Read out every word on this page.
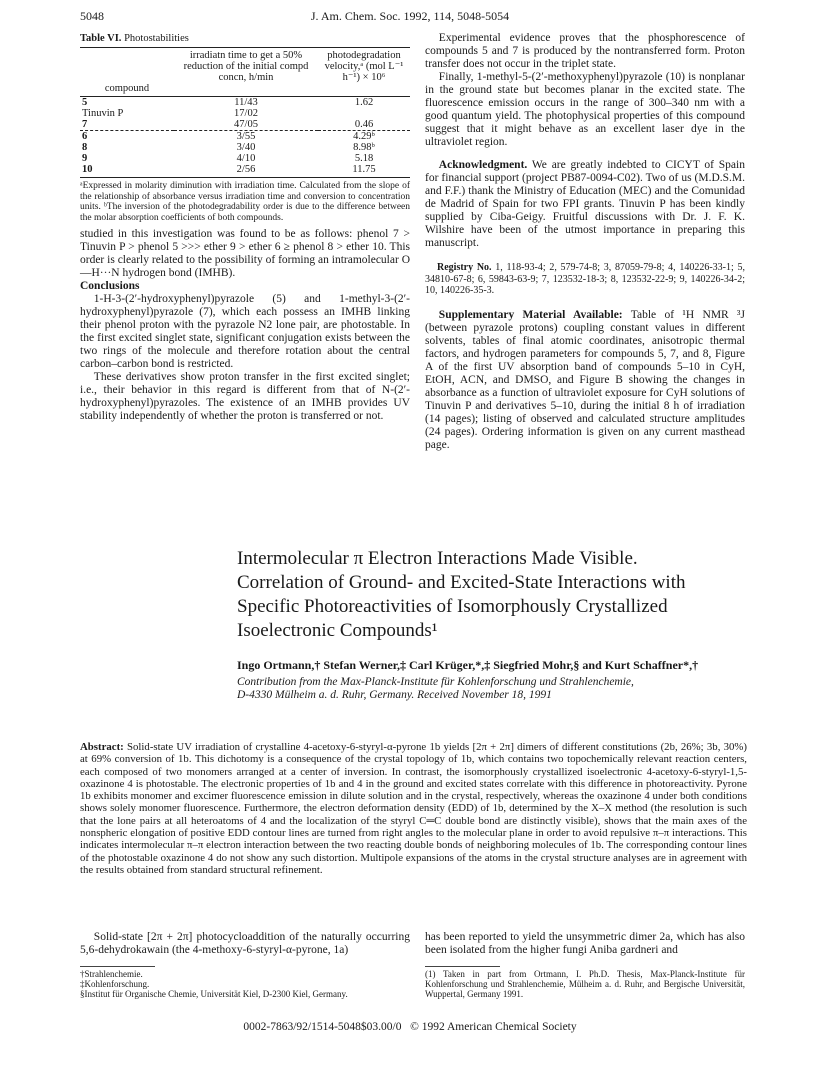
5048	J. Am. Chem. Soc. 1992, 114, 5048-5054
Table VI. Photostabilities
	irradiatn time to get a 50% reduction of the initial compd concn, h/min	photodegradation velocity,ᵃ (mol L⁻¹ h⁻¹) × 10⁶
compound		
5	11/43	1.62
Tinuvin P	17/02	
7	47/05	0.46
6	3/55	4.29ᵇ
8	3/40	8.98ᵇ
9	4/10	5.18
10	2/56	11.75
ᵃExpressed in molarity diminution with irradiation time. Calculated from the slope of the relationship of absorbance versus irradiation time and conversion to concentration units. ᵇThe inversion of the photodegradability order is due to the difference between the molar absorption coefficients of both compounds.

studied in this investigation was found to be as follows: phenol 7 > Tinuvin P > phenol 5 >>> ether 9 > ether 6 ≥ phenol 8 > ether 10. This order is clearly related to the possibility of forming an intramolecular O—H···N hydrogen bond (IMHB).

Conclusions

1-H-3-(2′-hydroxyphenyl)pyrazole (5) and 1-methyl-3-(2′-hydroxyphenyl)pyrazole (7), which each possess an IMHB linking their phenol proton with the pyrazole N2 lone pair, are photostable. In the first excited singlet state, significant conjugation exists between the two rings of the molecule and therefore rotation about the central carbon–carbon bond is restricted.

These derivatives show proton transfer in the first excited singlet; i.e., their behavior in this regard is different from that of N-(2′-hydroxyphenyl)pyrazoles. The existence of an IMHB provides UV stability independently of whether the proton is transferred or not.

Experimental evidence proves that the phosphorescence of compounds 5 and 7 is produced by the nontransferred form. Proton transfer does not occur in the triplet state.

Finally, 1-methyl-5-(2′-methoxyphenyl)pyrazole (10) is nonplanar in the ground state but becomes planar in the excited state. The fluorescence emission occurs in the range of 300–340 nm with a good quantum yield. The photophysical properties of this compound suggest that it might behave as an excellent laser dye in the ultraviolet region.

Acknowledgment. We are greatly indebted to CICYT of Spain for financial support (project PB87-0094-C02). Two of us (M.D.S.M. and F.F.) thank the Ministry of Education (MEC) and the Comunidad de Madrid of Spain for two FPI grants. Tinuvin P has been kindly supplied by Ciba-Geigy. Fruitful discussions with Dr. J. F. K. Wilshire have been of the utmost importance in preparing this manuscript.

Registry No. 1, 118-93-4; 2, 579-74-8; 3, 87059-79-8; 4, 140226-33-1; 5, 34810-67-8; 6, 59843-63-9; 7, 123532-18-3; 8, 123532-22-9; 9, 140226-34-2; 10, 140226-35-3.

Supplementary Material Available: Table of ¹H NMR ³J (between pyrazole protons) coupling constant values in different solvents, tables of final atomic coordinates, anisotropic thermal factors, and hydrogen parameters for compounds 5, 7, and 8, Figure A of the first UV absorption band of compounds 5–10 in CyH, EtOH, ACN, and DMSO, and Figure B showing the changes in absorbance as a function of ultraviolet exposure for CyH solutions of Tinuvin P and derivatives 5–10, during the initial 8 h of irradiation (14 pages); listing of observed and calculated structure amplitudes (24 pages). Ordering information is given on any current masthead page.

Intermolecular π Electron Interactions Made Visible.
Correlation of Ground- and Excited-State Interactions with
Specific Photoreactivities of Isomorphously Crystallized
Isoelectronic Compounds¹
Ingo Ortmann,† Stefan Werner,‡ Carl Krüger,*,‡ Siegfried Mohr,§ and Kurt Schaffner*,†
Contribution from the Max-Planck-Institute für Kohlenforschung und Strahlenchemie,
D-4330 Mülheim a. d. Ruhr, Germany. Received November 18, 1991
Abstract: Solid-state UV irradiation of crystalline 4-acetoxy-6-styryl-α-pyrone 1b yields [2π + 2π] dimers of different constitutions (2b, 26%; 3b, 30%) at 69% conversion of 1b. This dichotomy is a consequence of the crystal topology of 1b, which contains two topochemically relevant reaction centers, each composed of two monomers arranged at a center of inversion. In contrast, the isomorphously crystallized isoelectronic 4-acetoxy-6-styryl-1,5-oxazinone 4 is photostable. The electronic properties of 1b and 4 in the ground and excited states correlate with this difference in photoreactivity. Pyrone 1b exhibits monomer and excimer fluorescence emission in dilute solution and in the crystal, respectively, whereas the oxazinone 4 under both conditions shows solely monomer fluorescence. Furthermore, the electron deformation density (EDD) of 1b, determined by the X–X method (the resolution is such that the lone pairs at all heteroatoms of 4 and the localization of the styryl C═C double bond are distinctly visible), shows that the main axes of the nonspheric elongation of positive EDD contour lines are turned from right angles to the molecular plane in order to avoid repulsive π–π interactions. This indicates intermolecular π–π electron interaction between the two reacting double bonds of neighboring molecules of 1b. The corresponding contour lines of the photostable oxazinone 4 do not show any such distortion. Multipole expansions of the atoms in the crystal structure analyses are in agreement with the results obtained from standard structural refinement.

Solid-state [2π + 2π] photocycloaddition of the naturally occurring 5,6-dehydrokawain (the 4-methoxy-6-styryl-α-pyrone, 1a)

has been reported to yield the unsymmetric dimer 2a, which has also been isolated from the higher fungi Aniba gardneri and

†Strahlenchemie.
‡Kohlenforschung.
§Institut für Organische Chemie, Universität Kiel, D-2300 Kiel, Germany.
(1) Taken in part from Ortmann, I. Ph.D. Thesis, Max-Planck-Institute für Kohlenforschung und Strahlenchemie, Mülheim a. d. Ruhr, and Bergische Universität, Wuppertal, Germany 1991.
0002-7863/92/1514-5048$03.00/0 © 1992 American Chemical Society
